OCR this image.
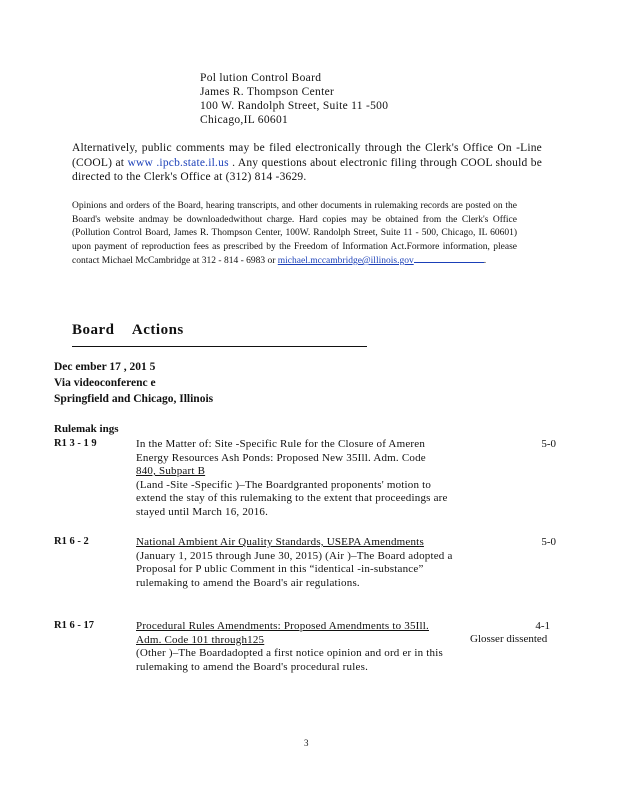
Pol lution Control Board
James R. Thompson Center
100 W. Randolph Street, Suite 11 -500
Chicago,IL 60601
Alternatively, public comments may be filed electronically through the Clerk's Office On -Line (COOL) at www .ipcb.state.il.us . Any questions about electronic filing through COOL should be directed to the Clerk's Office at (312) 814 -3629.
Opinions and orders of the Board, hearing transcripts, and other documents in rulemaking records are posted on the Board's website andmay be downloadedwithout charge. Hard copies may be obtained from the Clerk's Office (Pollution Control Board, James R. Thompson Center, 100W. Randolph Street, Suite 11 - 500, Chicago, IL 60601) upon payment of reproduction fees as prescribed by the Freedom of Information Act.Formore information, please contact Michael McCambridge at 312 - 814 - 6983 or michael.mccambridge@illinois.gov	.
Board Actions
Dec ember 17 , 201 5
Via videoconferenc e
Springfield and Chicago, Illinois
Rulemak ings
R1 3 - 1 9	In the Matter of: Site -Specific Rule for the Closure of Ameren
Energy Resources Ash Ponds: Proposed New 35Ill. Adm. Code
840, Subpart B
(Land -Site -Specific )–The Boardgranted proponents' motion to extend the stay of this rulemaking to the extent that proceedings are stayed until March 16, 2016.
5-0
R1 6 - 2	National Ambient Air Quality Standards, USEPA Amendments
(January 1, 2015 through June 30, 2015) (Air )–The Board adopted a Proposal for P ublic Comment in this “identical -in-substance” rulemaking to amend the Board's air regulations.
5-0
R1 6 - 17	Procedural Rules Amendments: Proposed Amendments to 35Ill.
Adm. Code 101 through125
(Other )–The Boardadopted a first notice opinion and ord er in this rulemaking to amend the Board's procedural rules.
4-1
Glosser dissented
3
